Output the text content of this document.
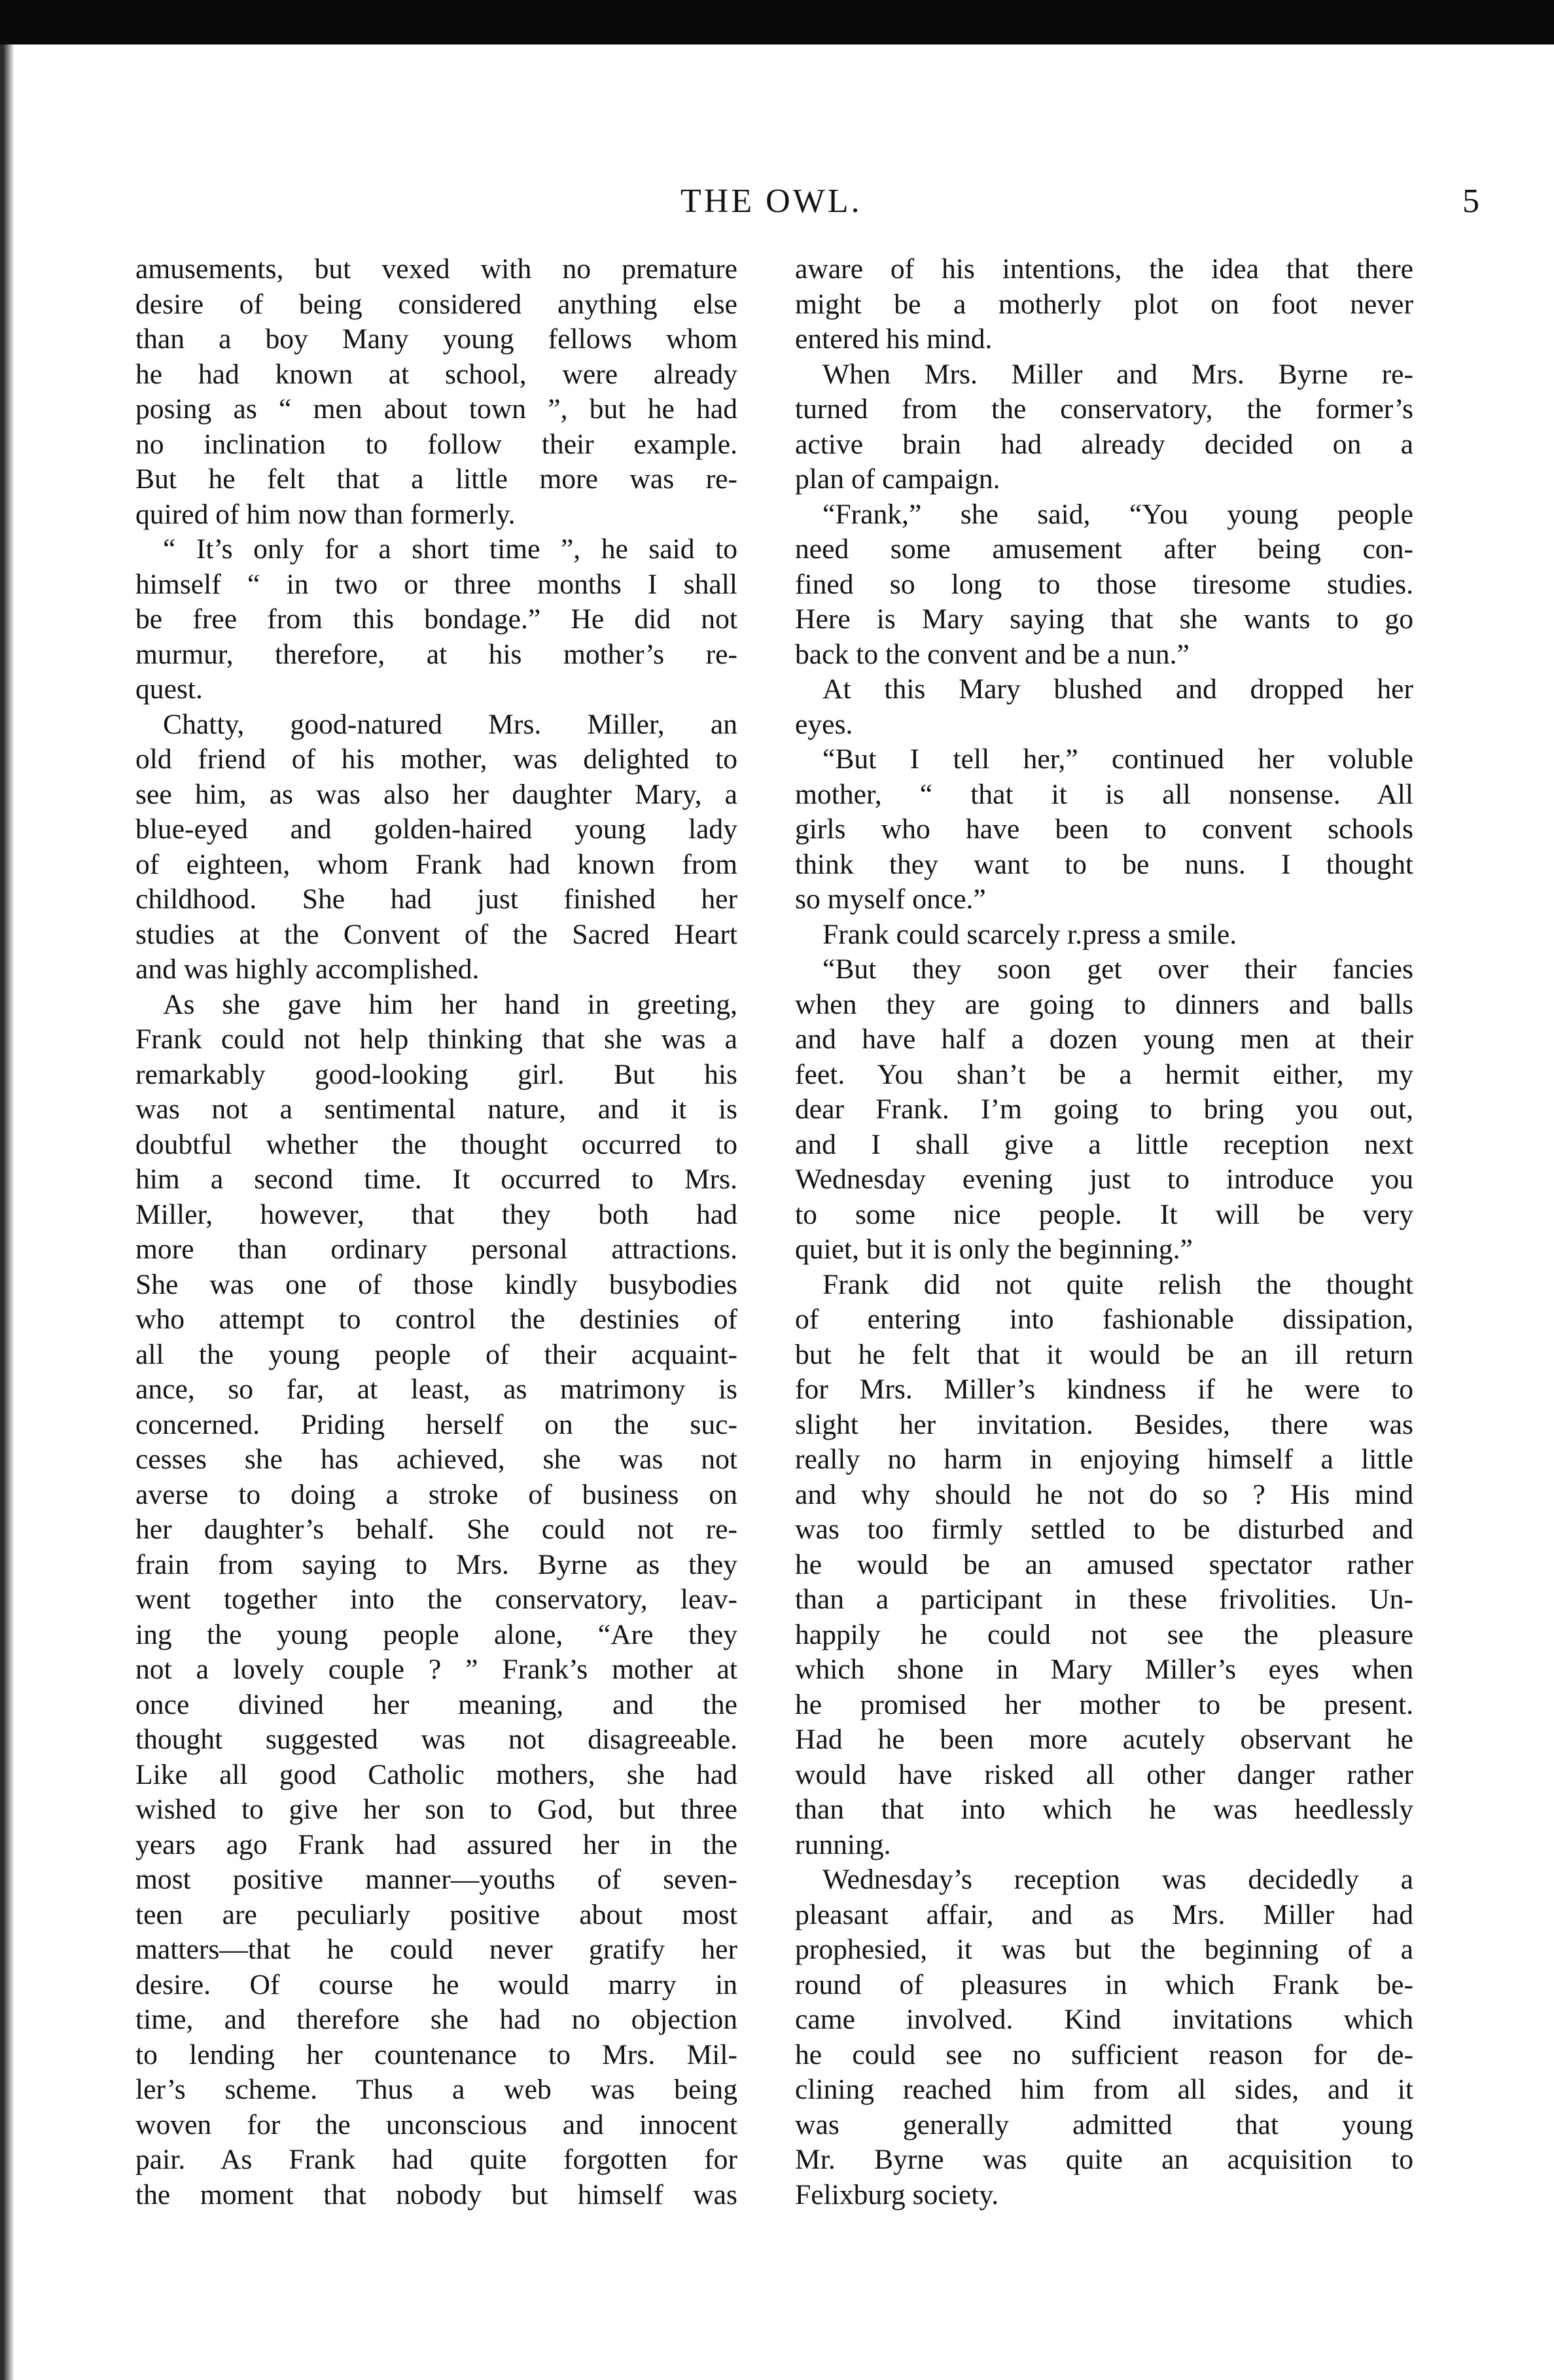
THE OWL.	5
amusements, but vexed with no premature
desire of being considered anything else
than a boy Many young fellows whom
he had known at school, were already
posing as “ men about town ”, but he had
no inclination to follow their example.
But he felt that a little more was re-
quired of him now than formerly.
“ It’s only for a short time ”, he said to
himself “ in two or three months I shall
be free from this bondage.” He did not
murmur, therefore, at his mother’s re-
quest.
Chatty, good-natured Mrs. Miller, an
old friend of his mother, was delighted to
see him, as was also her daughter Mary, a
blue-eyed and golden-haired young lady
of eighteen, whom Frank had known from
childhood. She had just finished her
studies at the Convent of the Sacred Heart
and was highly accomplished.
As she gave him her hand in greeting,
Frank could not help thinking that she was a
remarkably good-looking girl. But his
was not a sentimental nature, and it is
doubtful whether the thought occurred to
him a second time. It occurred to Mrs.
Miller, however, that they both had
more than ordinary personal attractions.
She was one of those kindly busybodies
who attempt to control the destinies of
all the young people of their acquaint-
ance, so far, at least, as matrimony is
concerned. Priding herself on the suc-
cesses she has achieved, she was not
averse to doing a stroke of business on
her daughter’s behalf. She could not re-
frain from saying to Mrs. Byrne as they
went together into the conservatory, leav-
ing the young people alone, “Are they
not a lovely couple ? ” Frank’s mother at
once divined her meaning, and the
thought suggested was not disagreeable.
Like all good Catholic mothers, she had
wished to give her son to God, but three
years ago Frank had assured her in the
most positive manner—youths of seven-
teen are peculiarly positive about most
matters—that he could never gratify her
desire. Of course he would marry in
time, and therefore she had no objection
to lending her countenance to Mrs. Mil-
ler’s scheme. Thus a web was being
woven for the unconscious and innocent
pair. As Frank had quite forgotten for
the moment that nobody but himself was
aware of his intentions, the idea that there
might be a motherly plot on foot never
entered his mind.
When Mrs. Miller and Mrs. Byrne re-
turned from the conservatory, the former’s
active brain had already decided on a
plan of campaign.
“Frank,” she said, “You young people
need some amusement after being con-
fined so long to those tiresome studies.
Here is Mary saying that she wants to go
back to the convent and be a nun.”
At this Mary blushed and dropped her
eyes.
“But I tell her,” continued her voluble
mother, “ that it is all nonsense. All
girls who have been to convent schools
think they want to be nuns. I thought
so myself once.”
Frank could scarcely r.press a smile.
“But they soon get over their fancies
when they are going to dinners and balls
and have half a dozen young men at their
feet. You shan’t be a hermit either, my
dear Frank. I’m going to bring you out,
and I shall give a little reception next
Wednesday evening just to introduce you
to some nice people. It will be very
quiet, but it is only the beginning.”
Frank did not quite relish the thought
of entering into fashionable dissipation,
but he felt that it would be an ill return
for Mrs. Miller’s kindness if he were to
slight her invitation. Besides, there was
really no harm in enjoying himself a little
and why should he not do so ? His mind
was too firmly settled to be disturbed and
he would be an amused spectator rather
than a participant in these frivolities. Un-
happily he could not see the pleasure
which shone in Mary Miller’s eyes when
he promised her mother to be present.
Had he been more acutely observant he
would have risked all other danger rather
than that into which he was heedlessly
running.
Wednesday’s reception was decidedly a
pleasant affair, and as Mrs. Miller had
prophesied, it was but the beginning of a
round of pleasures in which Frank be-
came involved. Kind invitations which
he could see no sufficient reason for de-
clining reached him from all sides, and it
was generally admitted that young
Mr. Byrne was quite an acquisition to
Felixburg society.
